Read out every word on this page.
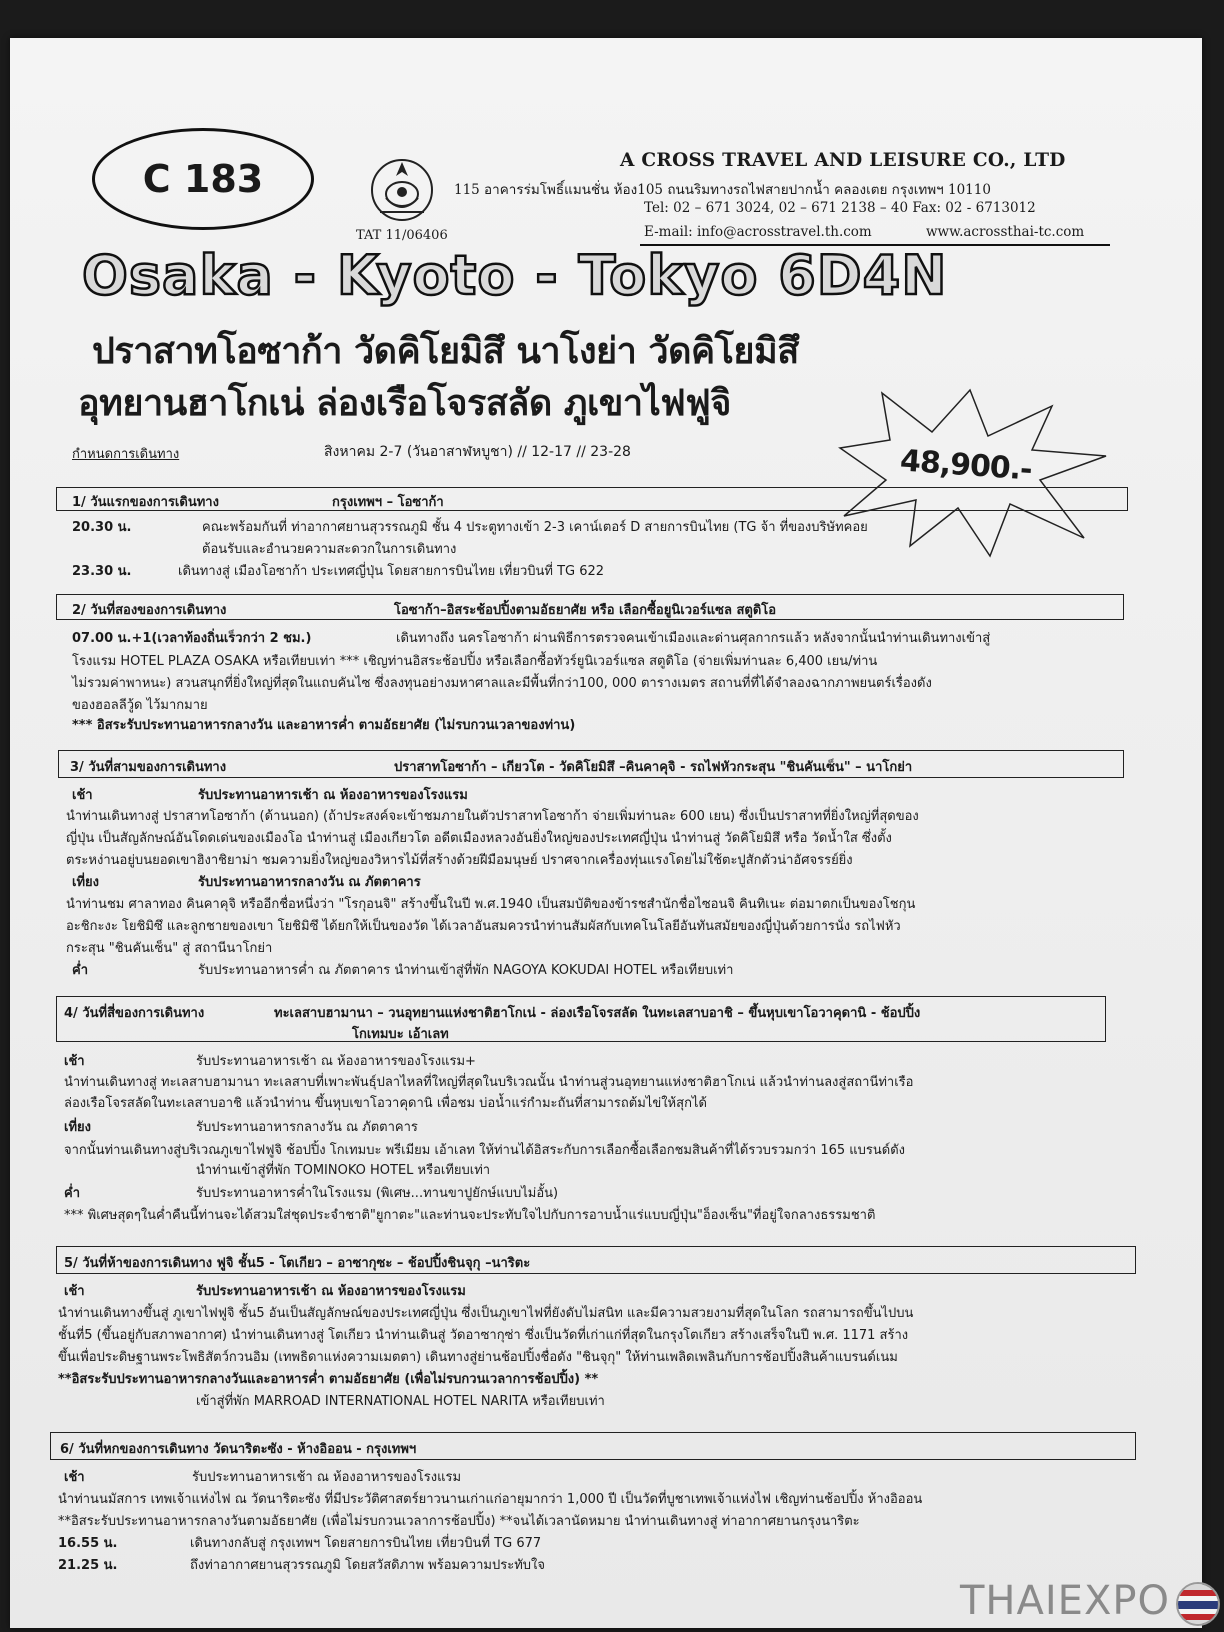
C 183
TAT 11/06406
A CROSS TRAVEL AND LEISURE CO., LTD
115 อาคารร่มโพธิ์แมนชั่น ห้อง105 ถนนริมทางรถไฟสายปากน้ำ คลองเตย กรุงเทพฯ 10110
Tel: 02 – 671 3024, 02 – 671 2138 – 40 Fax: 02 - 6713012
E-mail: info@acrosstravel.th.com	www.acrossthai-tc.com
Osaka - Kyoto - Tokyo 6D4N
ปราสาทโอซาก้า วัดคิโยมิสึ นาโงย่า วัดคิโยมิสึ
อุทยานฮาโกเน่ ล่องเรือโจรสลัด ภูเขาไฟฟูจิ
48,900.-
กำหนดการเดินทาง	สิงหาคม 2-7 (วันอาสาฬหบูชา) // 12-17 // 23-28
1/ วันแรกของการเดินทาง	กรุงเทพฯ – โอซาก้า
20.30 น.	คณะพร้อมกันที่ ท่าอากาศยานสุวรรณภูมิ ชั้น 4 ประตูทางเข้า 2-3 เคาน์เตอร์ D สายการบินไทย (TG จ้า ที่ของบริษัทคอย
ต้อนรับและอำนวยความสะดวกในการเดินทาง
23.30 น.	เดินทางสู่ เมืองโอซาก้า ประเทศญี่ปุ่น โดยสายการบินไทย เที่ยวบินที่ TG 622
2/ วันที่สองของการเดินทาง	โอซาก้า–อิสระช้อปปิ้งตามอัธยาศัย หรือ เลือกซื้อยูนิเวอร์แซล สตูดิโอ
07.00 น.+1(เวลาท้องถิ่นเร็วกว่า 2 ชม.)	เดินทางถึง นครโอซาก้า ผ่านพิธีการตรวจคนเข้าเมืองและด่านศุลกากรแล้ว หลังจากนั้นนำท่านเดินทางเข้าสู่
โรงแรม HOTEL PLAZA OSAKA หรือเทียบเท่า *** เชิญท่านอิสระช้อปปิ้ง หรือเลือกซื้อทัวร์ยูนิเวอร์แซล สตูดิโอ (จ่ายเพิ่มท่านละ 6,400 เยน/ท่าน
ไม่รวมค่าพาหนะ) สวนสนุกที่ยิ่งใหญ่ที่สุดในแถบคันไซ ซึ่งลงทุนอย่างมหาศาลและมีพื้นที่กว่า100, 000 ตารางเมตร สถานที่ที่ได้จำลองฉากภาพยนตร์เรื่องดัง
ของฮอลลีวู้ด ไว้มากมาย
*** อิสระรับประทานอาหารกลางวัน และอาหารค่ำ ตามอัธยาศัย (ไม่รบกวนเวลาของท่าน)
3/ วันที่สามของการเดินทาง	ปราสาทโอซาก้า – เกียวโต - วัดคิโยมิสึ –คินคาคุจิ - รถไฟหัวกระสุน "ชินคันเซ็น" – นาโกย่า
เช้า	รับประทานอาหารเช้า ณ ห้องอาหารของโรงแรม
นำท่านเดินทางสู่ ปราสาทโอซาก้า (ด้านนอก) (ถ้าประสงค์จะเข้าชมภายในตัวปราสาทโอซาก้า จ่ายเพิ่มท่านละ 600 เยน) ซึ่งเป็นปราสาทที่ยิ่งใหญ่ที่สุดของ
ญี่ปุ่น เป็นสัญลักษณ์อันโดดเด่นของเมืองโอ นำท่านสู่ เมืองเกียวโต อดีตเมืองหลวงอันยิ่งใหญ่ของประเทศญี่ปุ่น นำท่านสู่ วัดคิโยมิสึ หรือ วัดน้ำใส ซึ่งตั้ง
ตระหง่านอยู่บนยอดเขาฮิงาชิยาม่า ชมความยิ่งใหญ่ของวิหารไม้ที่สร้างด้วยฝีมือมนุษย์ ปราศจากเครื่องทุ่นแรงโดยไม่ใช้ตะปูสักตัวน่าอัศจรรย์ยิ่ง
เที่ยง	รับประทานอาหารกลางวัน ณ ภัตตาคาร
นำท่านชม ศาลาทอง คินคาคุจิ หรืออีกชื่อหนึ่งว่า "โรกุอนจิ" สร้างขึ้นในปี พ.ศ.1940 เป็นสมบัติของข้ารชสำนักชื่อไซอนจิ คินทิเนะ ต่อมาตกเป็นของโชกุน
อะชิกะงะ โยชิมิซึ และลูกชายของเขา โยชิมิซึ ได้ยกให้เป็นของวัด ได้เวลาอันสมควรนำท่านสัมผัสกับเทคโนโลยีอันทันสมัยของญี่ปุ่นด้วยการนั่ง รถไฟหัว
กระสุน "ชินคันเซ็น" สู่ สถานีนาโกย่า
ค่ำ	รับประทานอาหารค่ำ ณ ภัตตาคาร นำท่านเข้าสู่ที่พัก NAGOYA KOKUDAI HOTEL หรือเทียบเท่า
4/ วันที่สี่ของการเดินทาง	ทะเลสาบฮามานา – วนอุทยานแห่งชาติฮาโกเน่ - ล่องเรือโจรสลัด ในทะเลสาบอาชิ – ขึ้นหุบเขาโอวาคุดานิ - ช้อปปิ้ง
โกเทมบะ เอ้าเลท
เช้า	รับประทานอาหารเช้า ณ ห้องอาหารของโรงแรม+
นำท่านเดินทางสู่ ทะเลสาบฮามานา ทะเลสาบที่เพาะพันธุ์ปลาไหลที่ใหญ่ที่สุดในบริเวณนั้น นำท่านสู่วนอุทยานแห่งชาติฮาโกเน่ แล้วนำท่านลงสู่สถานีท่าเรือ
ล่องเรือโจรสลัดในทะเลสาบอาชิ แล้วนำท่าน ขึ้นหุบเขาโอวาคุดานิ เพื่อชม บ่อน้ำแร่กำมะถันที่สามารถต้มไข่ให้สุกได้
เที่ยง	รับประทานอาหารกลางวัน ณ ภัตตาคาร
จากนั้นท่านเดินทางสู่บริเวณภูเขาไฟฟูจิ ช้อปปิ้ง โกเทมบะ พรีเมียม เอ้าเลท ให้ท่านได้อิสระกับการเลือกซื้อเลือกชมสินค้าที่ได้รวบรวมกว่า 165 แบรนด์ดัง
นำท่านเข้าสู่ที่พัก TOMINOKO HOTEL หรือเทียบเท่า
ค่ำ	รับประทานอาหารค่ำในโรงแรม (พิเศษ...ทานขาปูยักษ์แบบไม่อั้น)
*** พิเศษสุดๆในค่ำคืนนี้ท่านจะได้สวมใส่ชุดประจำชาติ"ยูกาตะ"และท่านจะประทับใจไปกับการอาบน้ำแร่แบบญี่ปุ่น"อ็องเซ็น"ที่อยู่ใจกลางธรรมชาติ
5/ วันที่ห้าของการเดินทาง ฟูจิ ชั้น5 - โตเกียว – อาซากุซะ – ช้อปปิ้งชินจุกุ –นาริตะ
เช้า	รับประทานอาหารเช้า ณ ห้องอาหารของโรงแรม
นำท่านเดินทางขึ้นสู่ ภูเขาไฟฟูจิ ชั้น5 อันเป็นสัญลักษณ์ของประเทศญี่ปุ่น ซึ่งเป็นภูเขาไฟที่ยังดับไม่สนิท และมีความสวยงามที่สุดในโลก รถสามารถขึ้นไปบน
ชั้นที่5 (ขึ้นอยู่กับสภาพอากาศ) นำท่านเดินทางสู่ โตเกียว นำท่านเดินสู่ วัดอาซากุซ่า ซึ่งเป็นวัดที่เก่าแก่ที่สุดในกรุงโตเกียว สร้างเสร็จในปี พ.ศ. 1171 สร้าง
ขึ้นเพื่อประดิษฐานพระโพธิสัตว์กวนอิม (เทพธิดาแห่งความเมตตา) เดินทางสู่ย่านช้อปปิ้งชื่อดัง "ชินจุกุ" ให้ท่านเพลิดเพลินกับการช้อปปิ้งสินค้าแบรนด์เนม
**อิสระรับประทานอาหารกลางวันและอาหารค่ำ ตามอัธยาศัย (เพื่อไม่รบกวนเวลาการช้อปปิ้ง) **
เข้าสู่ที่พัก MARROAD INTERNATIONAL HOTEL NARITA หรือเทียบเท่า
6/ วันที่หกของการเดินทาง วัดนาริตะซัง - ห้างอิออน - กรุงเทพฯ
เช้า	รับประทานอาหารเช้า ณ ห้องอาหารของโรงแรม
นำท่านนมัสการ เทพเจ้าแห่งไฟ ณ วัดนาริตะซัง ที่มีประวัติศาสตร์ยาวนานเก่าแก่อายุมากว่า 1,000 ปี เป็นวัดที่บูชาเทพเจ้าแห่งไฟ เชิญท่านช้อปปิ้ง ห้างอิออน
**อิสระรับประทานอาหารกลางวันตามอัธยาศัย (เพื่อไม่รบกวนเวลาการช้อปปิ้ง) **จนได้เวลานัดหมาย นำท่านเดินทางสู่ ท่าอากาศยานกรุงนาริตะ
16.55 น.	เดินทางกลับสู่ กรุงเทพฯ โดยสายการบินไทย เที่ยวบินที่ TG 677
21.25 น.	ถึงท่าอากาศยานสุวรรณภูมิ โดยสวัสดิภาพ พร้อมความประทับใจ
THAIEXPO
